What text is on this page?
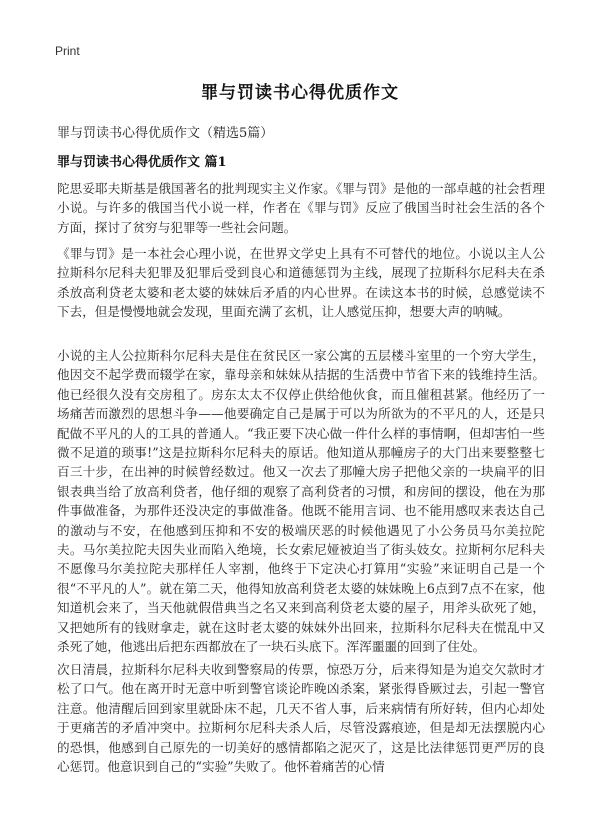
Print
罪与罚读书心得优质作文
罪与罚读书心得优质作文（精选5篇）
罪与罚读书心得优质作文 篇1

陀思妥耶夫斯基是俄国著名的批判现实主义作家。《罪与罚》是他的一部卓越的社会哲理小说。与许多的俄国当代小说一样，作者在《罪与罚》反应了俄国当时社会生活的各个方面，探讨了贫穷与犯罪等一些社会问题。

《罪与罚》是一本社会心理小说，在世界文学史上具有不可替代的地位。小说以主人公拉斯科尔尼科夫犯罪及犯罪后受到良心和道德惩罚为主线，展现了拉斯科尔尼科夫在杀杀放高利贷老太婆和老太婆的妹妹后矛盾的内心世界。在读这本书的时候，总感觉读不下去，但是慢慢地就会发现，里面充满了玄机，让人感觉压抑，想要大声的呐喊。

小说的主人公拉斯科尔尼科夫是住在贫民区一家公寓的五层楼斗室里的一个穷大学生，他因交不起学费而辍学在家，靠母亲和妹妹从拮据的生活费中节省下来的钱维持生活。他已经很久没有交房租了。房东太太不仅停止供给他伙食，而且催租甚紧。他经历了一场痛苦而激烈的思想斗争——他要确定自己是属于可以为所欲为的不平凡的人，还是只配做不平凡的人的工具的普通人。“我正要下决心做一件什么样的事情啊，但却害怕一些微不足道的琐事!”这是拉斯科尔尼科夫的原话。他知道从那幢房子的大门出来要整整七百三十步，在出神的时候曾经数过。他又一次去了那幢大房子把他父亲的一块扁平的旧银表典当给了放高利贷者，他仔细的观察了高利贷者的习惯，和房间的摆设，他在为那件事做准备，为那件还没决定的事做准备。他既不能用言词、也不能用感叹来表达自己的激动与不安，在他感到压抑和不安的极端厌恶的时候他遇见了小公务员马尔美拉陀夫。马尔美拉陀夫因失业而陷入绝境，长女索尼娅被迫当了街头妓女。拉斯柯尔尼科夫不愿像马尔美拉陀夫那样任人宰割，他终于下定决心打算用“实验”来证明自己是一个很“不平凡的人”。就在第二天，他得知放高利贷老太婆的妹妹晚上6点到7点不在家，他知道机会来了，当天他就假借典当之名又来到高利贷老太婆的屋子，用斧头砍死了她，又把她所有的钱财拿走，就在这时老太婆的妹妹外出回来，拉斯科尔尼科夫在慌乱中又杀死了她，他逃出后把东西都放在了一块石头底下。浑浑噩噩的回到了住处。

次日清晨，拉斯科尔尼科夫收到警察局的传票，惊恐万分，后来得知是为追交欠款时才松了口气。他在离开时无意中听到警官谈论昨晚凶杀案，紧张得昏厥过去，引起一警官注意。他清醒后回到家里就卧床不起，几天不省人事，后来病情有所好转，但内心却处于更痛苦的矛盾冲突中。拉斯柯尔尼科夫杀人后，尽管没露痕迹，但是却无法摆脱内心的恐惧，他感到自己原先的一切美好的感情都陷之泥灭了，这是比法律惩罚更严厉的良心惩罚。他意识到自己的“实验”失败了。他怀着痛苦的心情
